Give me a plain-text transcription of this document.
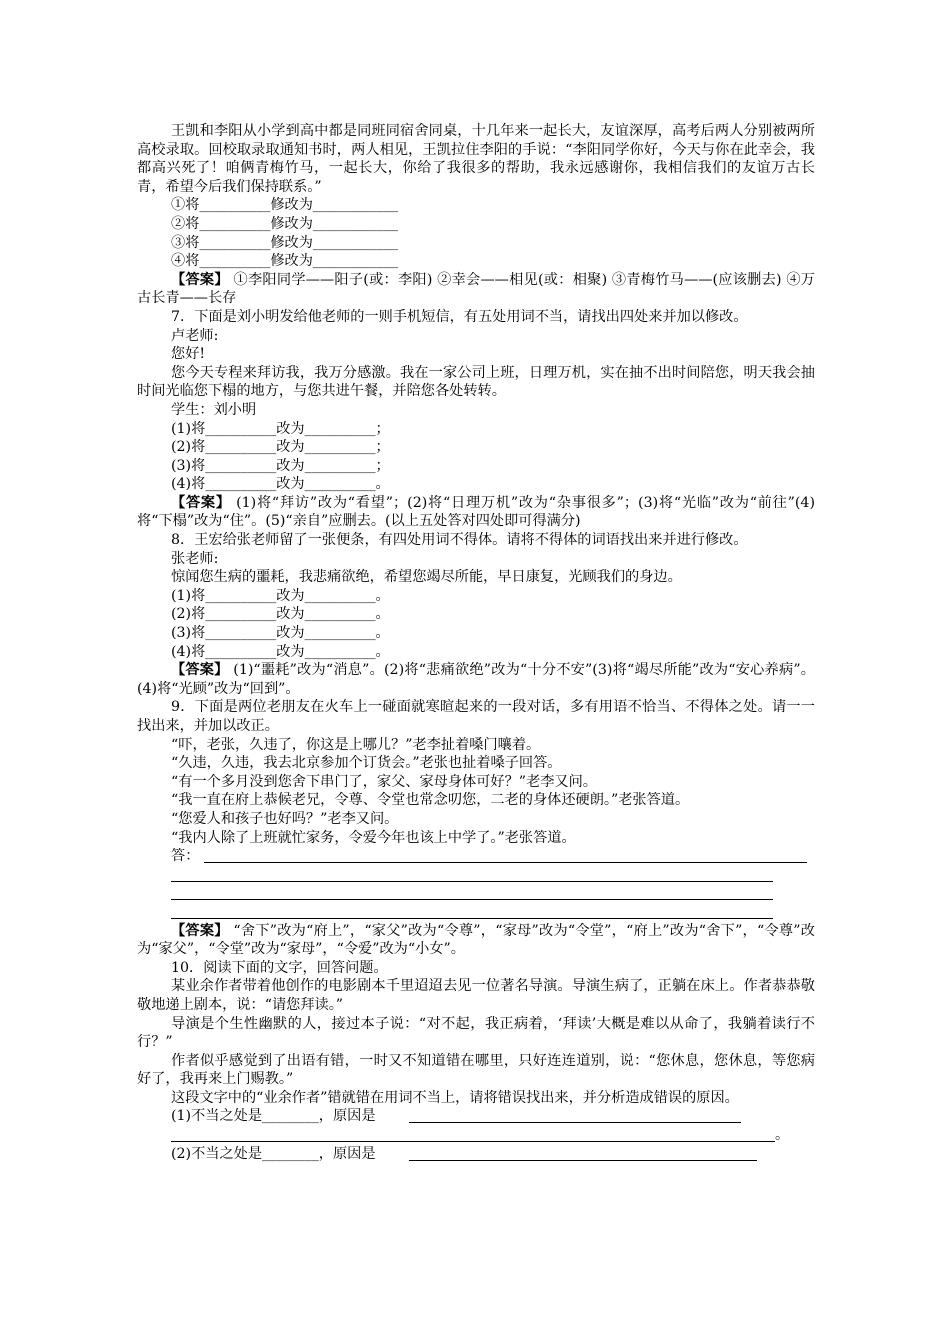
王凯和李阳从小学到高中都是同班同宿舍同桌，十几年来一起长大，友谊深厚，高考后两人分别被两所高校录取。回校取录取通知书时，两人相见，王凯拉住李阳的手说：“李阳同学你好，今天与你在此幸会，我都高兴死了！咱俩青梅竹马，一起长大，你给了我很多的帮助，我永远感谢你，我相信我们的友谊万古长青，希望今后我们保持联系。”

①将__________修改为____________

②将__________修改为____________

③将__________修改为____________

④将__________修改为____________

【答案】 ①李阳同学——阳子(或：李阳) ②幸会——相见(或：相聚) ③青梅竹马——(应该删去) ④万古长青——长存

7．下面是刘小明发给他老师的一则手机短信，有五处用词不当，请找出四处来并加以修改。

卢老师:

您好!

您今天专程来拜访我，我万分感激。我在一家公司上班，日理万机，实在抽不出时间陪您，明天我会抽时间光临您下榻的地方，与您共进午餐，并陪您各处转转。

学生：刘小明

(1)将__________改为__________；

(2)将__________改为__________；

(3)将__________改为__________；

(4)将__________改为__________。

【答案】 (1)将“拜访”改为“看望”；(2)将“日理万机”改为“杂事很多”；(3)将“光临”改为“前往”(4)将“下榻”改为“住”。(5)“亲自”应删去。(以上五处答对四处即可得满分)

8．王宏给张老师留了一张便条，有四处用词不得体。请将不得体的词语找出来并进行修改。

张老师:

惊闻您生病的噩耗，我悲痛欲绝，希望您竭尽所能，早日康复，光顾我们的身边。

(1)将__________改为__________。

(2)将__________改为__________。

(3)将__________改为__________。

(4)将__________改为__________。

【答案】 (1)“噩耗”改为“消息”。(2)将“悲痛欲绝”改为“十分不安”(3)将“竭尽所能”改为“安心养病”。(4)将“光顾”改为“回到”。

9．下面是两位老朋友在火车上一碰面就寒暄起来的一段对话，多有用语不恰当、不得体之处。请一一找出来，并加以改正。

“吓，老张，久违了，你这是上哪儿？”老李扯着嗓门嚷着。

“久违，久违，我去北京参加个订货会。”老张也扯着嗓子回答。

“有一个多月没到您舍下串门了，家父、家母身体可好？”老李又问。

“我一直在府上恭候老兄，令尊、令堂也常念叨您，二老的身体还硬朗。”老张答道。

“您爱人和孩子也好吗？”老李又问。

“我内人除了上班就忙家务，令爱今年也该上中学了。”老张答道。

答：

【答案】 “舍下”改为“府上”，“家父”改为“令尊”，“家母”改为“令堂”，“府上”改为“舍下”，“令尊”改为“家父”，“令堂”改为“家母”，“令爱”改为“小女”。

10．阅读下面的文字，回答问题。

某业余作者带着他创作的电影剧本千里迢迢去见一位著名导演。导演生病了，正躺在床上。作者恭恭敬敬地递上剧本，说：“请您拜读。”

导演是个生性幽默的人，接过本子说：“对不起，我正病着，‘拜读’大概是难以从命了，我躺着读行不行？”

作者似乎感觉到了出语有错，一时又不知道错在哪里，只好连连道别，说：“您休息，您休息，等您病好了，我再来上门赐教。”

这段文字中的“业余作者”错就错在用词不当上，请将错误找出来，并分析造成错误的原因。

(1)不当之处是________，原因是
。
(2)不当之处是________，原因是
